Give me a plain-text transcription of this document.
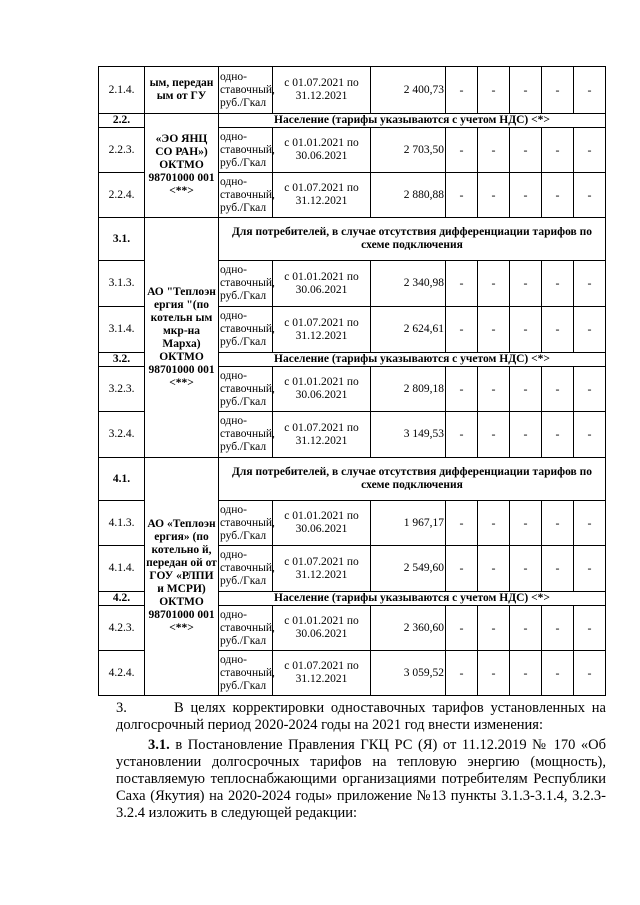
2.1.4.	ым, передан ым от ГУ	одно-ставочный, руб./Гкал	с 01.07.2021 по 31.12.2021	2 400,73	-	-	-	-	-
2.2.	«ЭО ЯНЦ СО РАН») ОКТМО 98701000 001 <**>	Население (тарифы указываются с учетом НДС) <*>							
2.2.3.		одно-ставочный, руб./Гкал	с 01.01.2021 по 30.06.2021	2 703,50	-	-	-	-	-
2.2.4.		одно-ставочный, руб./Гкал	с 01.07.2021 по 31.12.2021	2 880,88	-	-	-	-	-
3.1.	АО "Теплоэн ергия "(по котельн ым мкр-на Марха) ОКТМО 98701000 001 <**>	Для потребителей, в случае отсутствия дифференциации тарифов по схеме подключения							
3.1.3.		одно-ставочный, руб./Гкал	с 01.01.2021 по 30.06.2021	2 340,98	-	-	-	-	-
3.1.4.		одно-ставочный, руб./Гкал	с 01.07.2021 по 31.12.2021	2 624,61	-	-	-	-	-
3.2.		Население (тарифы указываются с учетом НДС) <*>							
3.2.3.		одно-ставочный, руб./Гкал	с 01.01.2021 по 30.06.2021	2 809,18	-	-	-	-	-
3.2.4.		одно-ставочный, руб./Гкал	с 01.07.2021 по 31.12.2021	3 149,53	-	-	-	-	-
4.1.	АО «Теплоэн ергия» (по котельно й, передан ой от ГОУ «РЛПИ и МСРИ) ОКТМО 98701000 001 <**>	Для потребителей, в случае отсутствия дифференциации тарифов по схеме подключения							
4.1.3.		одно-ставочный, руб./Гкал	с 01.01.2021 по 30.06.2021	1 967,17	-	-	-	-	-
4.1.4.		одно-ставочный, руб./Гкал	с 01.07.2021 по 31.12.2021	2 549,60	-	-	-	-	-
4.2.		Население (тарифы указываются с учетом НДС) <*>							
4.2.3.		одно-ставочный, руб./Гкал	с 01.01.2021 по 30.06.2021	2 360,60	-	-	-	-	-
4.2.4.		одно-ставочный, руб./Гкал	с 01.07.2021 по 31.12.2021	3 059,52	-	-	-	-	-
3.	В целях корректировки одноставочных тарифов установленных на долгосрочный период 2020-2024 годы на 2021 год внести изменения:
3.1. в Постановление Правления ГКЦ РС (Я) от 11.12.2019 № 170 «Об установлении долгосрочных тарифов на тепловую энергию (мощность), поставляемую теплоснабжающими организациями потребителям Республики Саха (Якутия) на 2020-2024 годы» приложение №13 пункты 3.1.3-3.1.4, 3.2.3-3.2.4 изложить в следующей редакции:
